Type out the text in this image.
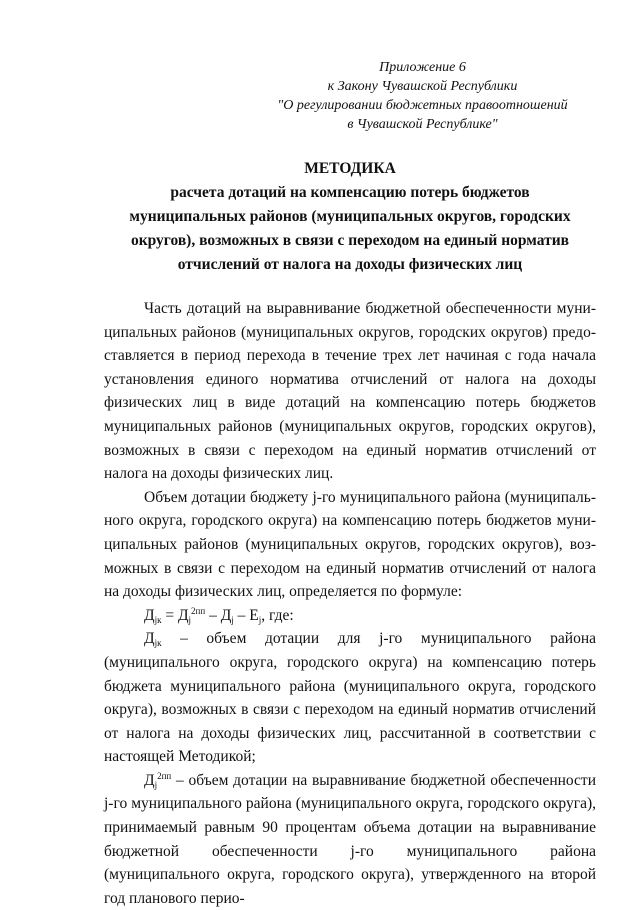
Приложение 6
к Закону Чувашской Республики
"О регулировании бюджетных правоотношений
в Чувашской Республике"
МЕТОДИКА
расчета дотаций на компенсацию потерь бюджетов
муниципальных районов (муниципальных округов, городских
округов), возможных в связи с переходом на единый норматив
отчислений от налога на доходы физических лиц

Часть дотаций на выравнивание бюджетной обеспеченности муниципальных районов (муниципальных округов, городских округов) предоставляется в период перехода в течение трех лет начиная с года начала установления единого норматива отчислений от налога на доходы физических лиц в виде дотаций на компенсацию потерь бюджетов муниципальных районов (муниципальных округов, городских округов), возможных в связи с переходом на единый норматив отчислений от налога на доходы физических лиц.

Объем дотации бюджету j-го муниципального района (муниципального округа, городского округа) на компенсацию потерь бюджетов муниципальных районов (муниципальных округов, городских округов), возможных в связи с переходом на единый норматив отчислений от налога на доходы физических лиц, определяется по формуле:

$Д_{jк} = Д_j^{2пп} - Д_j - Е_j$, где:

$Д_{jк}$ – объем дотации для j-го муниципального района (муниципального округа, городского округа) на компенсацию потерь бюджета муниципального района (муниципального округа, городского округа), возможных в связи с переходом на единый норматив отчислений от налога на доходы физических лиц, рассчитанной в соответствии с настоящей Методикой;

$Д_j^{2пп}$ – объем дотации на выравнивание бюджетной обеспеченности j-го муниципального района (муниципального округа, городского округа), принимаемый равным 90 процентам объема дотации на выравнивание бюджетной обеспеченности j-го муниципального района (муниципального округа, городского округа), утвержденного на второй год планового перио-
